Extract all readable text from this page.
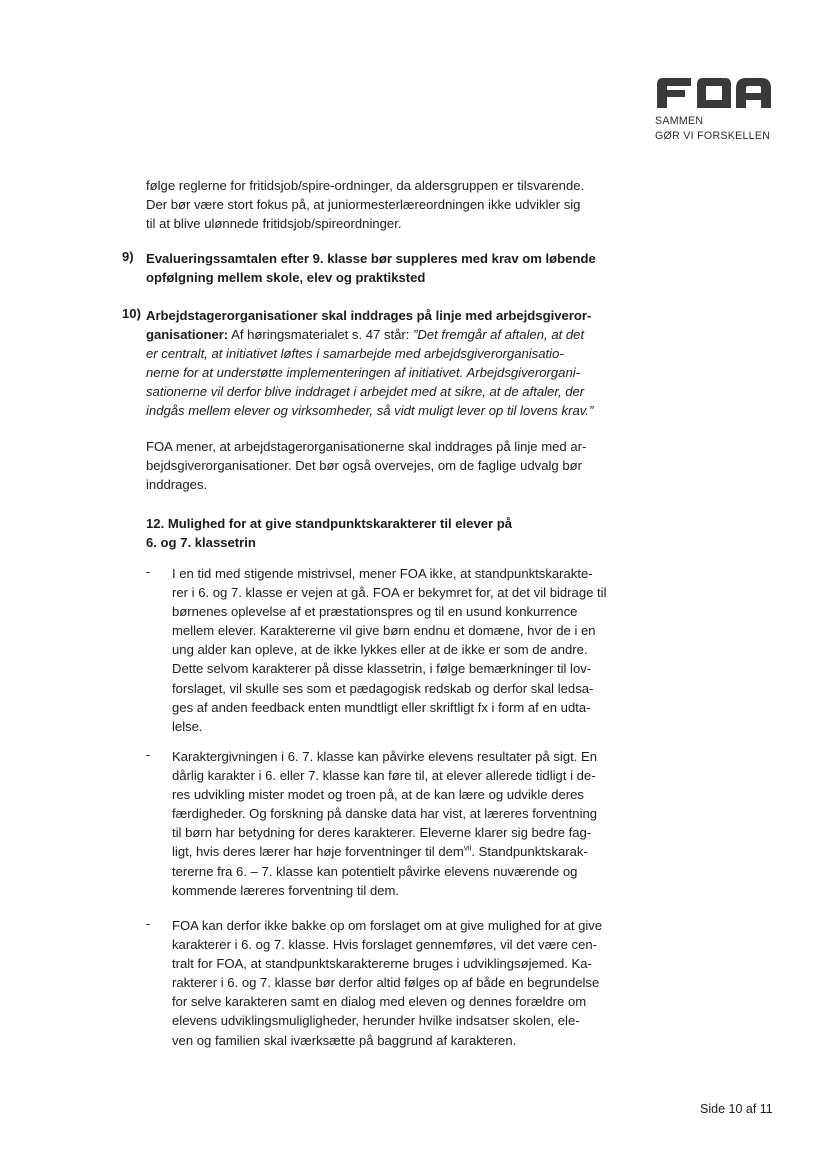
SAMMEN
GØR VI FORSKELLEN

følge reglerne for fritidsjob/spire-ordninger, da aldersgruppen er tilsvarende.

Der bør være stort fokus på, at juniormesterlæreordningen ikke udvikler sig

til at blive ulønnede fritidsjob/spireordninger.

9) Evalueringssamtalen efter 9. klasse bør suppleres med krav om løbende

opfølgning mellem skole, elev og praktiksted

10) Arbejdstagerorganisationer skal inddrages på linje med arbejdsgiveror-

ganisationer: Af høringsmaterialet s. 47 står: ”Det fremgår af aftalen, at det

er centralt, at initiativet løftes i samarbejde med arbejdsgiverorganisatio-

nerne for at understøtte implementeringen af initiativet. Arbejdsgiverorgani-

sationerne vil derfor blive inddraget i arbejdet med at sikre, at de aftaler, der

indgås mellem elever og virksomheder, så vidt muligt lever op til lovens krav.”

FOA mener, at arbejdstagerorganisationerne skal inddrages på linje med ar-

bejdsgiverorganisationer. Det bør også overvejes, om de faglige udvalg bør

inddrages.

12. Mulighed for at give standpunktskarakterer til elever på

6. og 7. klassetrin

- I en tid med stigende mistrivsel, mener FOA ikke, at standpunktskarakte-

rer i 6. og 7. klasse er vejen at gå. FOA er bekymret for, at det vil bidrage til

børnenes oplevelse af et præstationspres og til en usund konkurrence

mellem elever. Karaktererne vil give børn endnu et domæne, hvor de i en

ung alder kan opleve, at de ikke lykkes eller at de ikke er som de andre.

Dette selvom karakterer på disse klassetrin, i følge bemærkninger til lov-

forslaget, vil skulle ses som et pædagogisk redskab og derfor skal ledsa-

ges af anden feedback enten mundtligt eller skriftligt fx i form af en udta-

lelse.

- Karaktergivningen i 6. 7. klasse kan påvirke elevens resultater på sigt. En

dårlig karakter i 6. eller 7. klasse kan føre til, at elever allerede tidligt i de-

res udvikling mister modet og troen på, at de kan lære og udvikle deres

færdigheder. Og forskning på danske data har vist, at læreres forventning

til børn har betydning for deres karakterer. Eleverne klarer sig bedre fag-

ligt, hvis deres lærer har høje forventninger til dem$^{vii}$. Standpunktskarak-

tererne fra 6. – 7. klasse kan potentielt påvirke elevens nuværende og

kommende læreres forventning til dem.

- FOA kan derfor ikke bakke op om forslaget om at give mulighed for at give

karakterer i 6. og 7. klasse. Hvis forslaget gennemføres, vil det være cen-

tralt for FOA, at standpunktskaraktererne bruges i udviklingsøjemed. Ka-

rakterer i 6. og 7. klasse bør derfor altid følges op af både en begrundelse

for selve karakteren samt en dialog med eleven og dennes forældre om

elevens udviklingsmuligligheder, herunder hvilke indsatser skolen, ele-

ven og familien skal iværksætte på baggrund af karakteren.

Side 10 af 11
